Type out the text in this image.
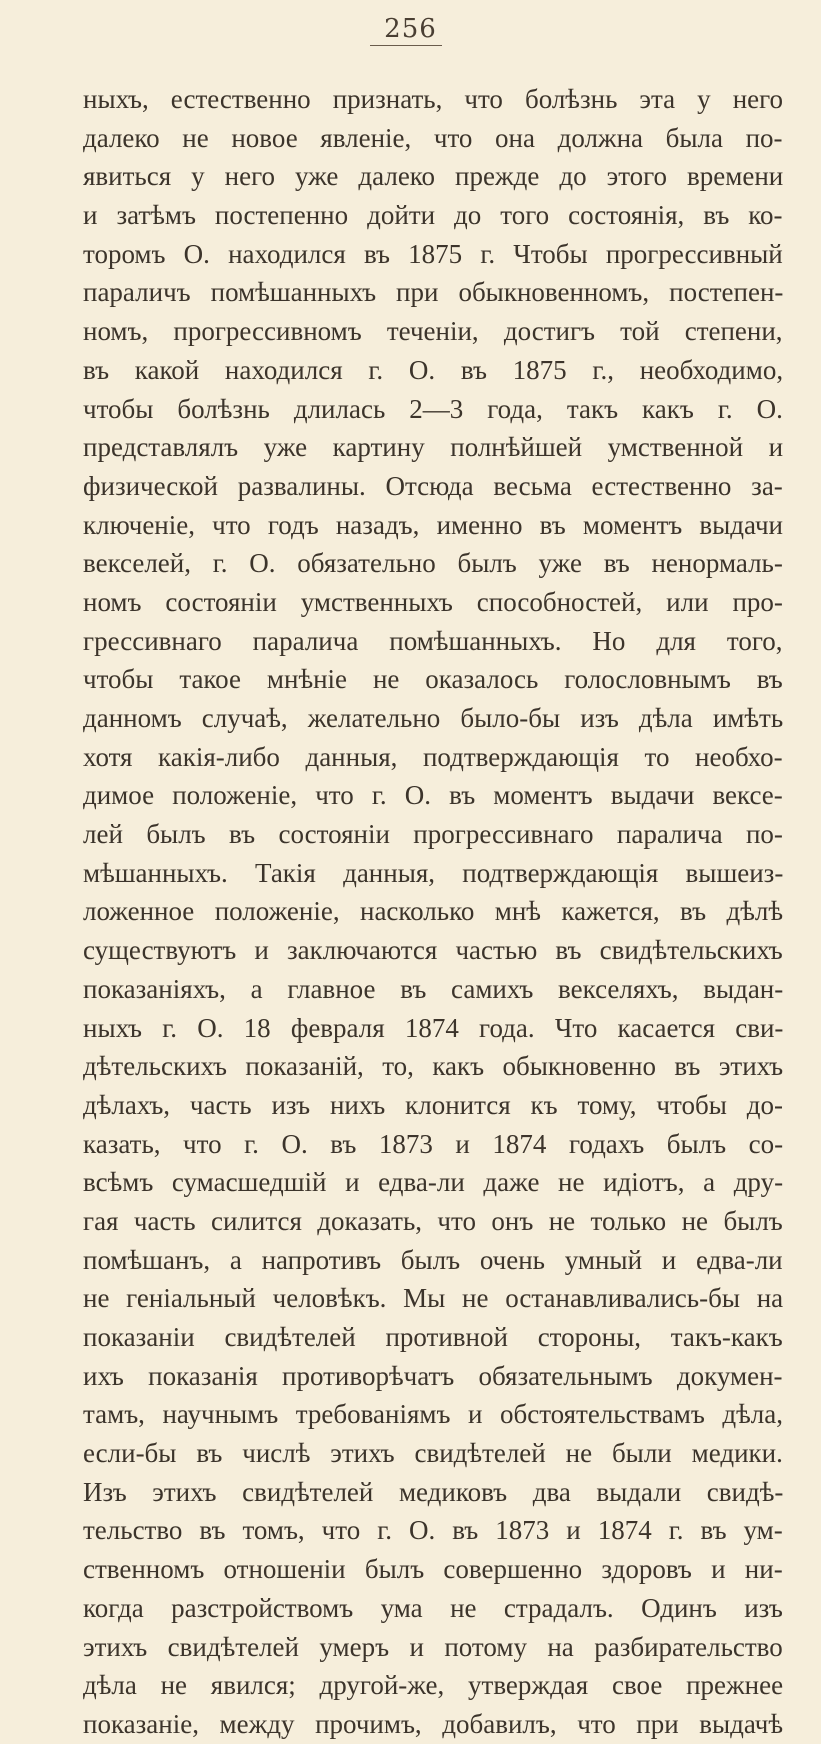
256
ныхъ, естественно признать, что болѣзнь эта у него
далеко не новое явленіе, что она должна была по-
явиться у него уже далеко прежде до этого времени
и затѣмъ постепенно дойти до того состоянія, въ ко-
торомъ О. находился въ 1875 г. Чтобы прогрессивный
параличъ помѣшанныхъ при обыкновенномъ, постепен-
номъ, прогрессивномъ теченіи, достигъ той степени,
въ какой находился г. О. въ 1875 г., необходимо,
чтобы болѣзнь длилась 2—3 года, такъ какъ г. О.
представлялъ уже картину полнѣйшей умственной и
физической развалины. Отсюда весьма естественно за-
ключеніе, что годъ назадъ, именно въ моментъ выдачи
векселей, г. О. обязательно былъ уже въ ненормаль-
номъ состояніи умственныхъ способностей, или про-
грессивнаго паралича помѣшанныхъ. Но для того,
чтобы такое мнѣніе не оказалось голословнымъ въ
данномъ случаѣ, желательно было-бы изъ дѣла имѣть
хотя какія-либо данныя, подтверждающія то необхо-
димое положеніе, что г. О. въ моментъ выдачи вексе-
лей былъ въ состояніи прогрессивнаго паралича по-
мѣшанныхъ. Такія данныя, подтверждающія вышеиз-
ложенное положеніе, насколько мнѣ кажется, въ дѣлѣ
существуютъ и заключаются частью въ свидѣтельскихъ
показаніяхъ, а главное въ самихъ векселяхъ, выдан-
ныхъ г. О. 18 февраля 1874 года. Что касается сви-
дѣтельскихъ показаній, то, какъ обыкновенно въ этихъ
дѣлахъ, часть изъ нихъ клонится къ тому, чтобы до-
казать, что г. О. въ 1873 и 1874 годахъ былъ со-
всѣмъ сумасшедшій и едва-ли даже не идіотъ, а дру-
гая часть силится доказать, что онъ не только не былъ
помѣшанъ, а напротивъ былъ очень умный и едва-ли
не геніальный человѣкъ. Мы не останавливались-бы на
показаніи свидѣтелей противной стороны, такъ-какъ
ихъ показанія противорѣчатъ обязательнымъ докумен-
тамъ, научнымъ требованіямъ и обстоятельствамъ дѣла,
если-бы въ числѣ этихъ свидѣтелей не были медики.
Изъ этихъ свидѣтелей медиковъ два выдали свидѣ-
тельство въ томъ, что г. О. въ 1873 и 1874 г. въ ум-
ственномъ отношеніи былъ совершенно здоровъ и ни-
когда разстройствомъ ума не страдалъ. Одинъ изъ
этихъ свидѣтелей умеръ и потому на разбирательство
дѣла не явился; другой-же, утверждая свое прежнее
показаніе, между прочимъ, добавилъ, что при выдачѣ
